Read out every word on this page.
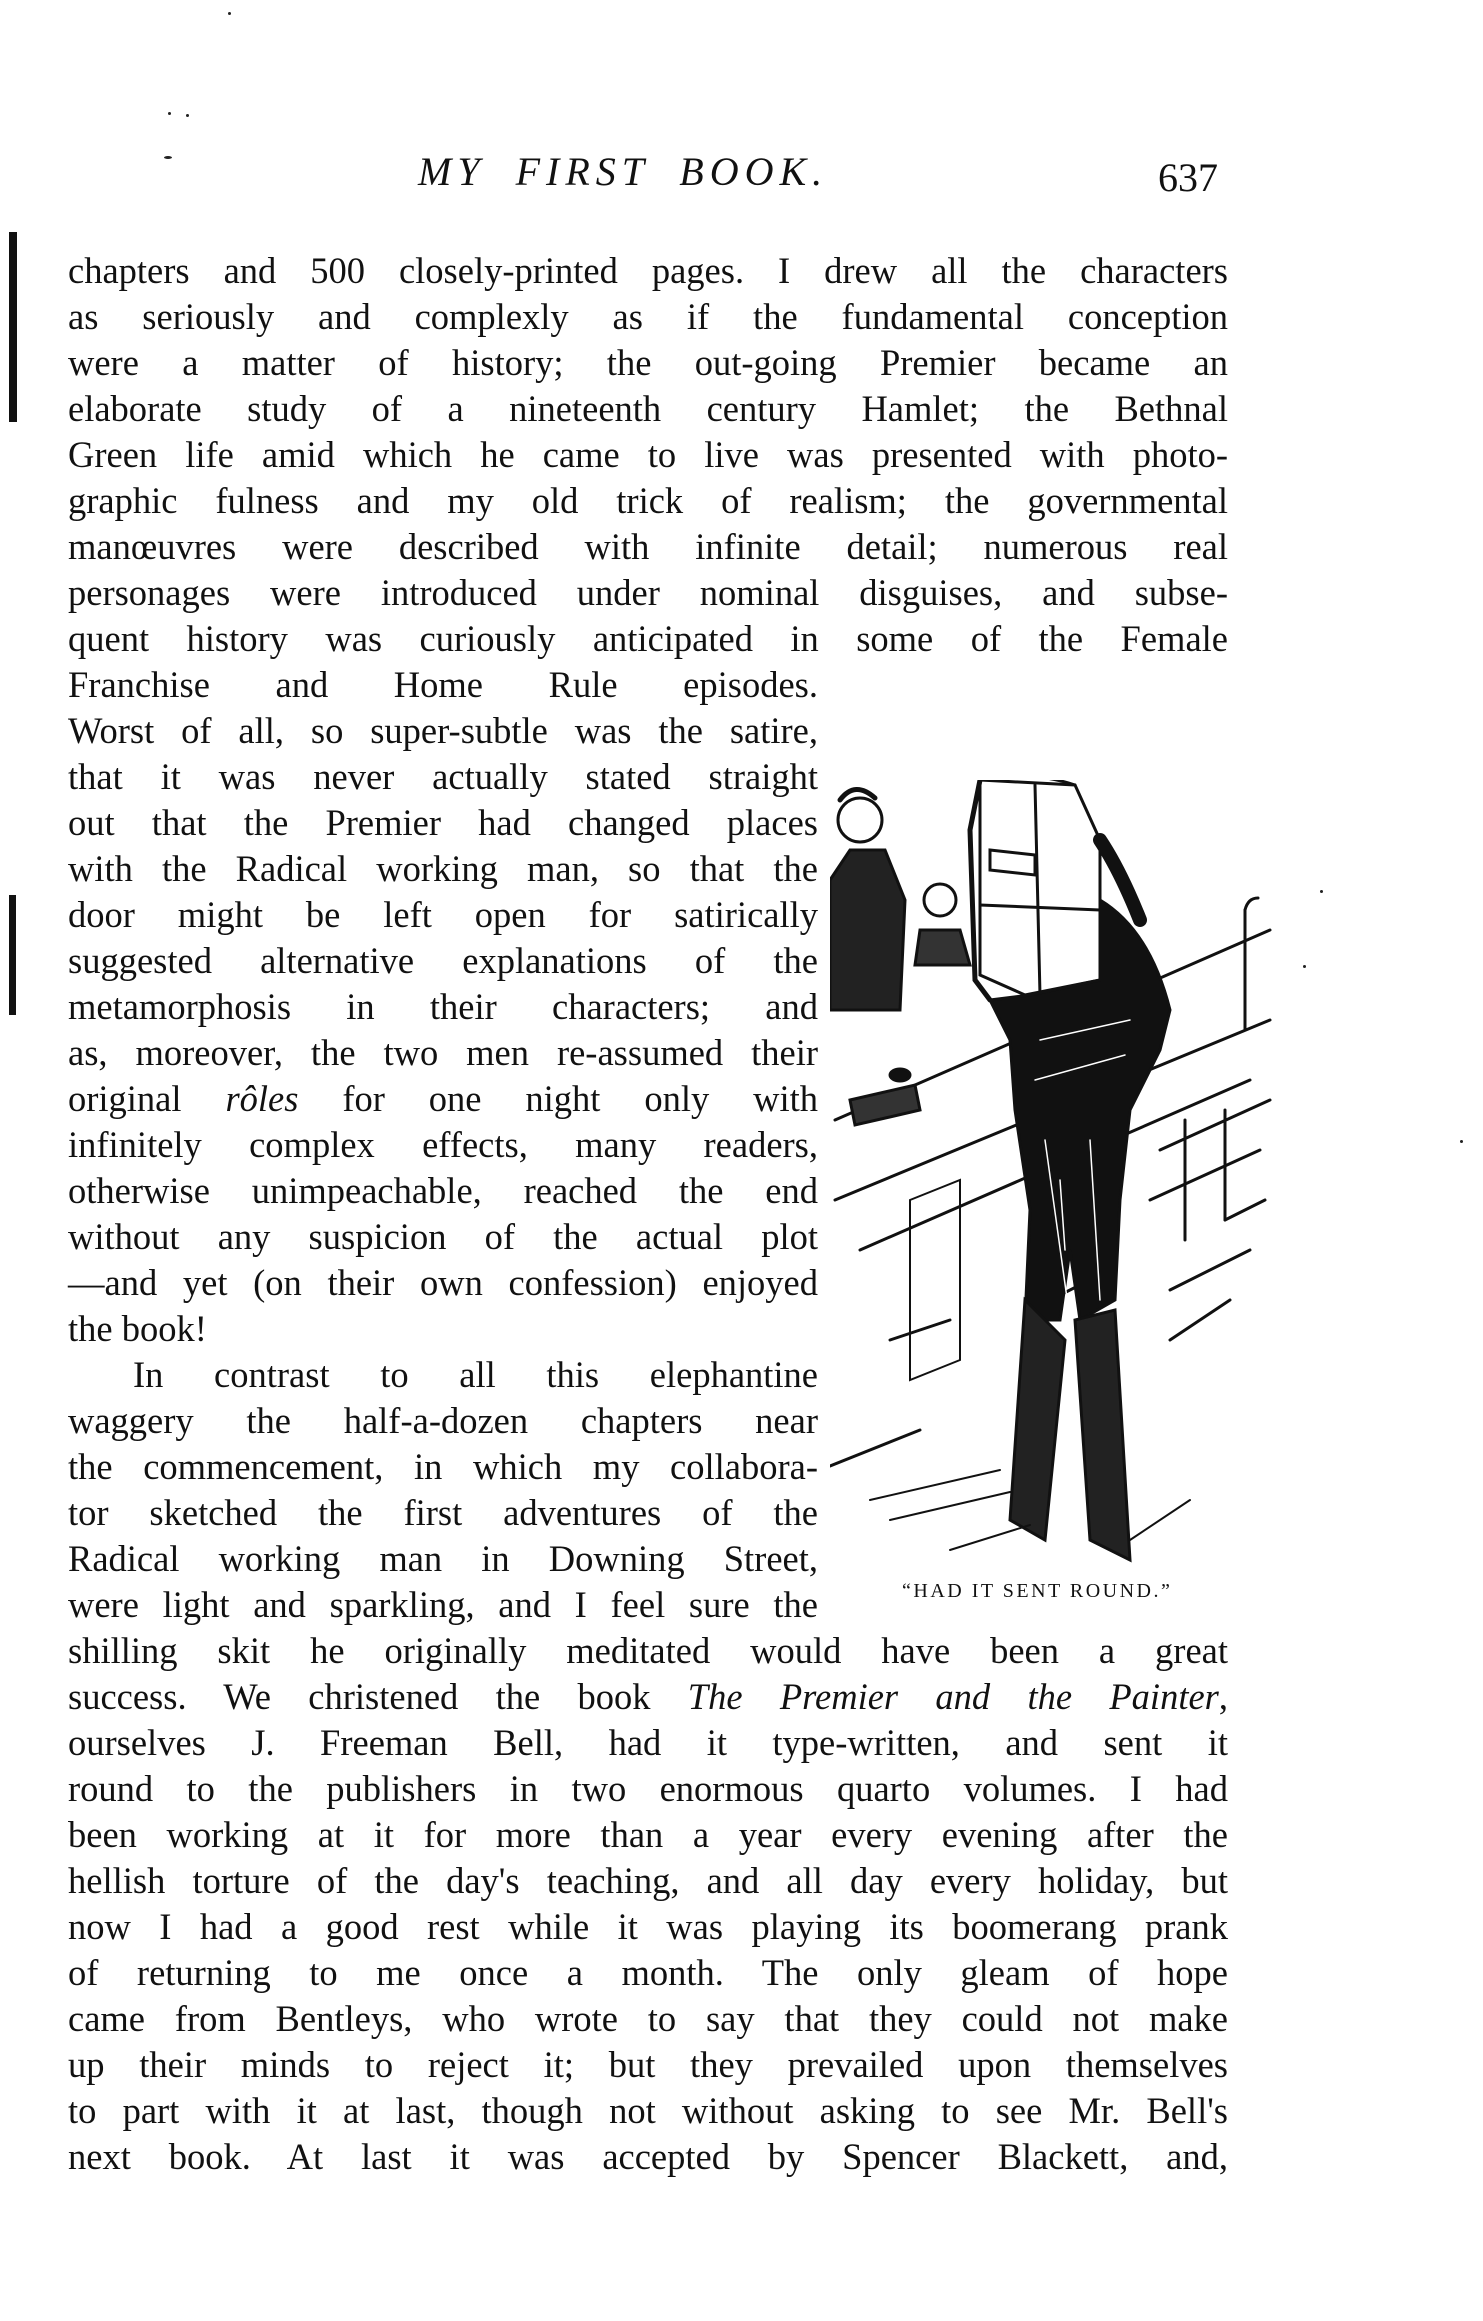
MY FIRST BOOK.	637
chapters and 500 closely-printed pages. I drew all the characters
as seriously and complexly as if the fundamental conception
were a matter of history; the out-going Premier became an
elaborate study of a nineteenth century Hamlet; the Bethnal
Green life amid which he came to live was presented with photo-
graphic fulness and my old trick of realism; the governmental
manœuvres were described with infinite detail; numerous real
personages were introduced under nominal disguises, and subse-
quent history was curiously anticipated in some of the Female
Franchise and Home Rule episodes.
Worst of all, so super-subtle was the satire,
that it was never actually stated straight
out that the Premier had changed places
with the Radical working man, so that the
door might be left open for satirically
suggested alternative explanations of the
metamorphosis in their characters; and
as, moreover, the two men re-assumed their
original rôles for one night only with
infinitely complex effects, many readers,
otherwise unimpeachable, reached the end
without any suspicion of the actual plot
—and yet (on their own confession) enjoyed
the book!
In contrast to all this elephantine
waggery the half-a-dozen chapters near
the commencement, in which my collabora-
tor sketched the first adventures of the
Radical working man in Downing Street,
were light and sparkling, and I feel sure the
shilling skit he originally meditated would have been a great
success. We christened the book The Premier and the Painter,
ourselves J. Freeman Bell, had it type-written, and sent it
round to the publishers in two enormous quarto volumes. I had
been working at it for more than a year every evening after the
hellish torture of the day's teaching, and all day every holiday, but
now I had a good rest while it was playing its boomerang prank
of returning to me once a month. The only gleam of hope
came from Bentleys, who wrote to say that they could not make
up their minds to reject it; but they prevailed upon themselves
to part with it at last, though not without asking to see Mr. Bell's
next book. At last it was accepted by Spencer Blackett, and,
“HAD IT SENT ROUND.”
